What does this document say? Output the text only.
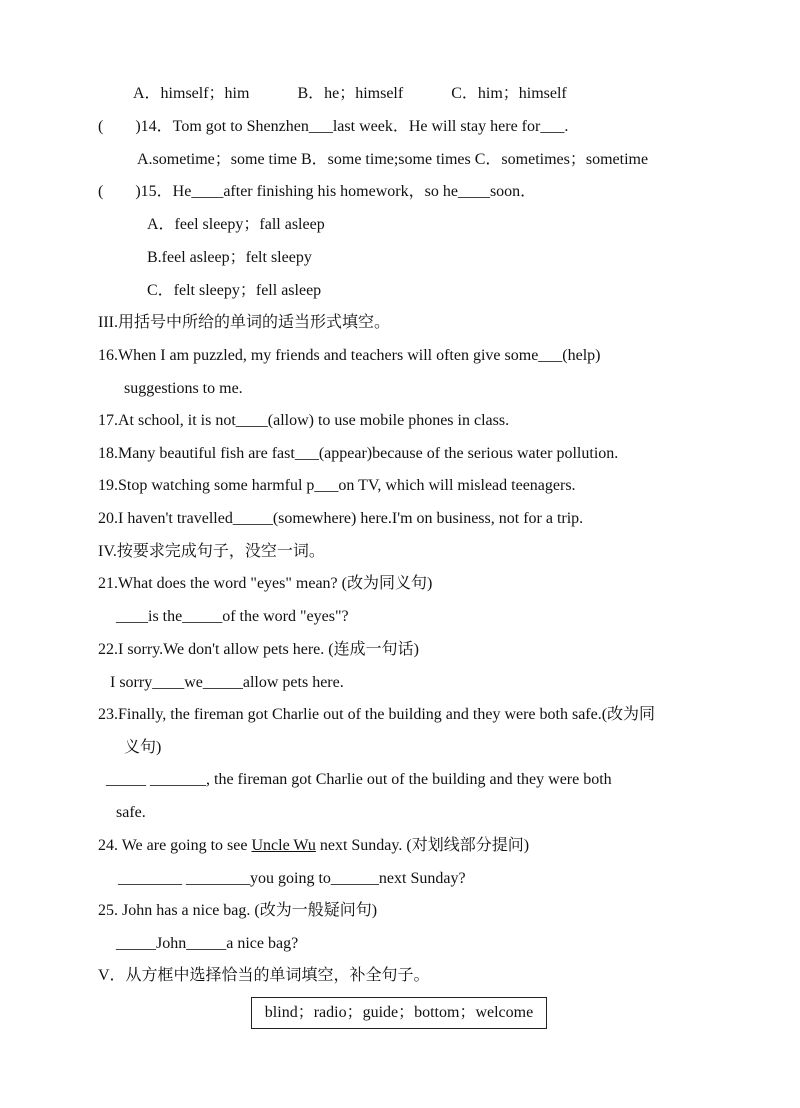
A．himself；him　　　B．he；himself　　　C．him；himself
(　　)14．Tom got to Shenzhen___last week．He will stay here for___.
A.sometime；some time B．some time;some times C．sometimes；sometime
(　　)15．He____after finishing his homework，so he____soon．
A．feel sleepy；fall asleep
B.feel asleep；felt sleepy
C．felt sleepy；fell asleep
III.用括号中所给的单词的适当形式填空。
16.When I am puzzled, my friends and teachers will often give some___(help)
suggestions to me.
17.At school, it is not____(allow) to use mobile phones in class.
18.Many beautiful fish are fast___(appear)because of the serious water pollution.
19.Stop watching some harmful p___on TV, which will mislead teenagers.
20.I haven't travelled_____(somewhere) here.I'm on business, not for a trip.
IV.按要求完成句子，没空一词。
21.What does the word "eyes" mean? (改为同义句)
____is the_____of the word "eyes"?
22.I sorry.We don't allow pets here. (连成一句话)
I sorry____we_____allow pets here.
23.Finally, the fireman got Charlie out of the building and they were both safe.(改为同
义句)
_____ _______, the fireman got Charlie out of the building and they were both
safe.
24. We are going to see Uncle Wu next Sunday. (对划线部分提问)
________ ________you going to______next Sunday?
25. John has a nice bag. (改为一般疑问句)
_____John_____a nice bag?
V．从方框中选择恰当的单词填空，补全句子。
blind；radio；guide；bottom；welcome
